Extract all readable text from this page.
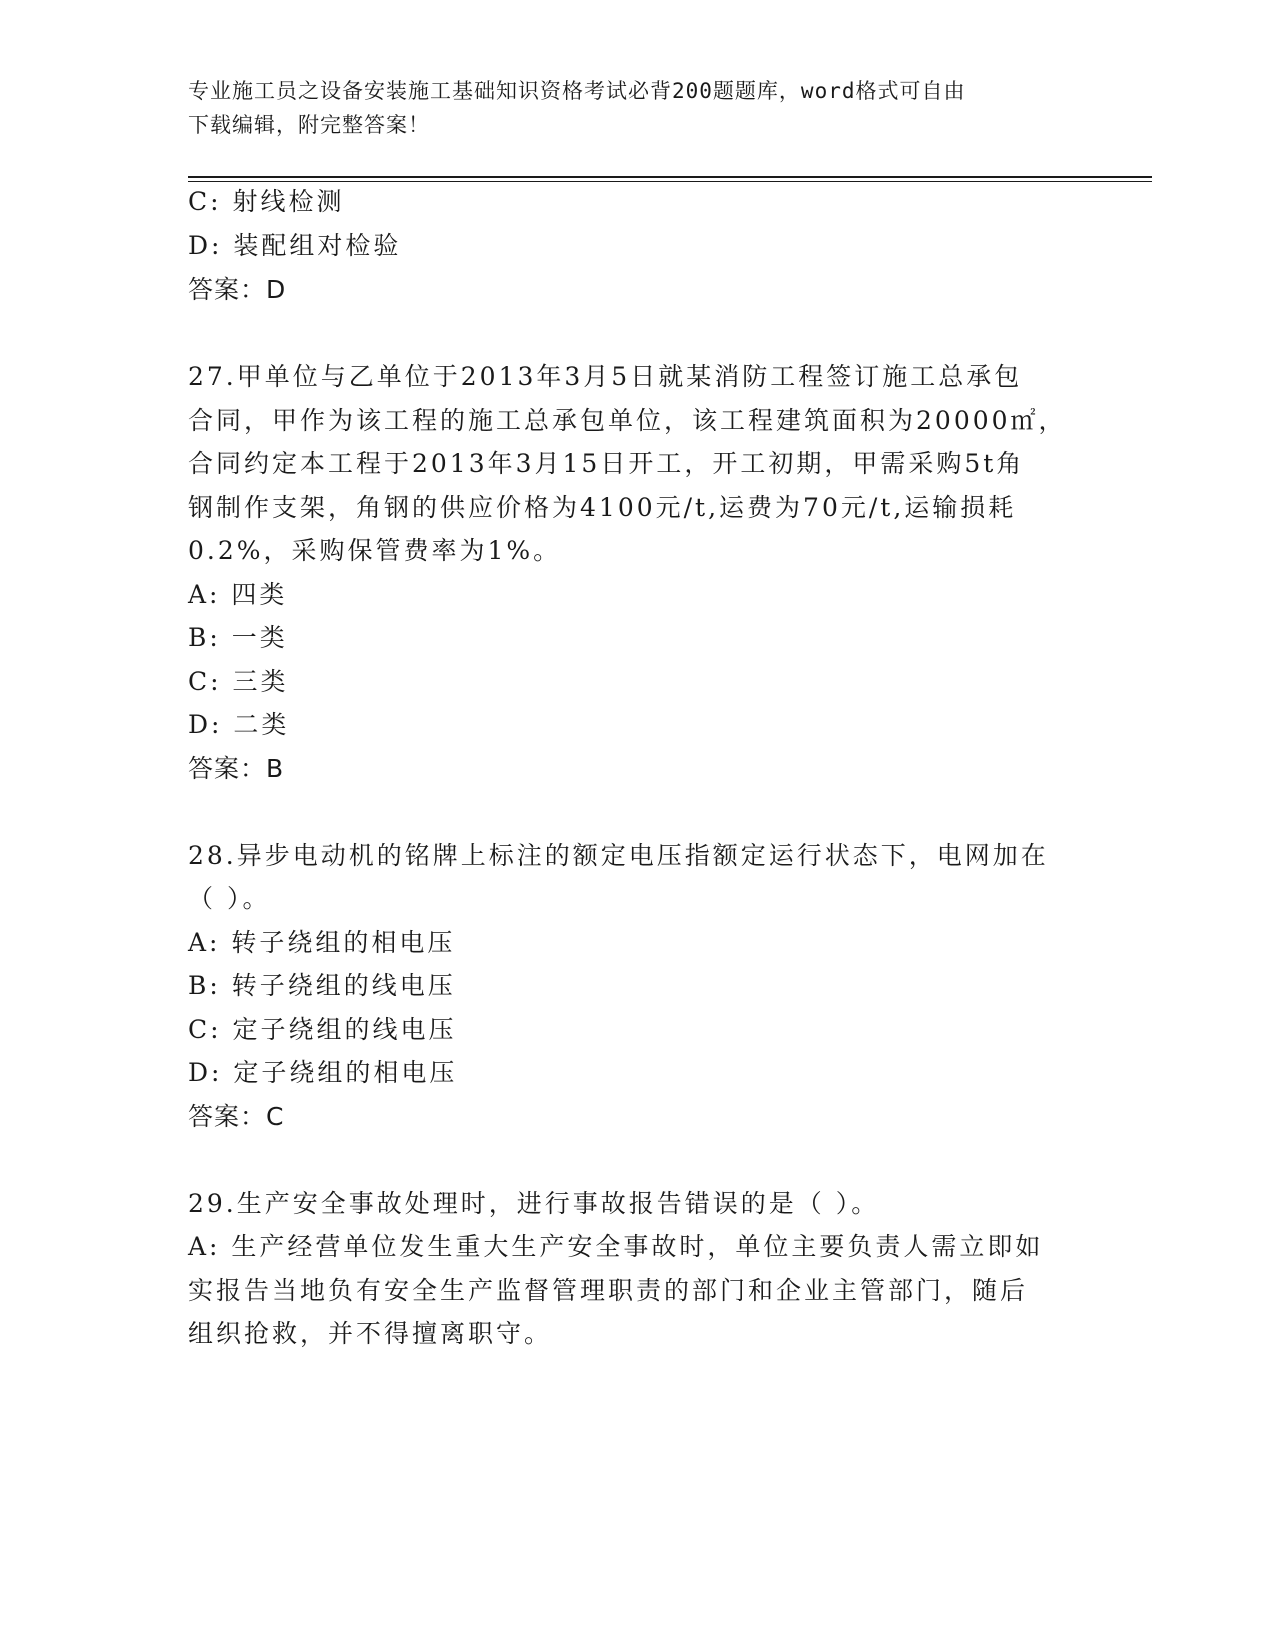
专业施工员之设备安装施工基础知识资格考试必背200题题库，word格式可自由
下载编辑，附完整答案！
C: 射线检测
D: 装配组对检验
答案：D
27.甲单位与乙单位于2013年3月5日就某消防工程签订施工总承包
合同，甲作为该工程的施工总承包单位，该工程建筑面积为20000㎡，
合同约定本工程于2013年3月15日开工，开工初期，甲需采购5t角
钢制作支架，角钢的供应价格为4100元/t,运费为70元/t,运输损耗
0.2%，采购保管费率为1%。
A: 四类
B: 一类
C: 三类
D: 二类
答案：B
28.异步电动机的铭牌上标注的额定电压指额定运行状态下，电网加在
（ ）。
A: 转子绕组的相电压
B: 转子绕组的线电压
C: 定子绕组的线电压
D: 定子绕组的相电压
答案：C
29.生产安全事故处理时，进行事故报告错误的是（ ）。
A: 生产经营单位发生重大生产安全事故时，单位主要负责人需立即如
实报告当地负有安全生产监督管理职责的部门和企业主管部门，随后
组织抢救，并不得擅离职守。
